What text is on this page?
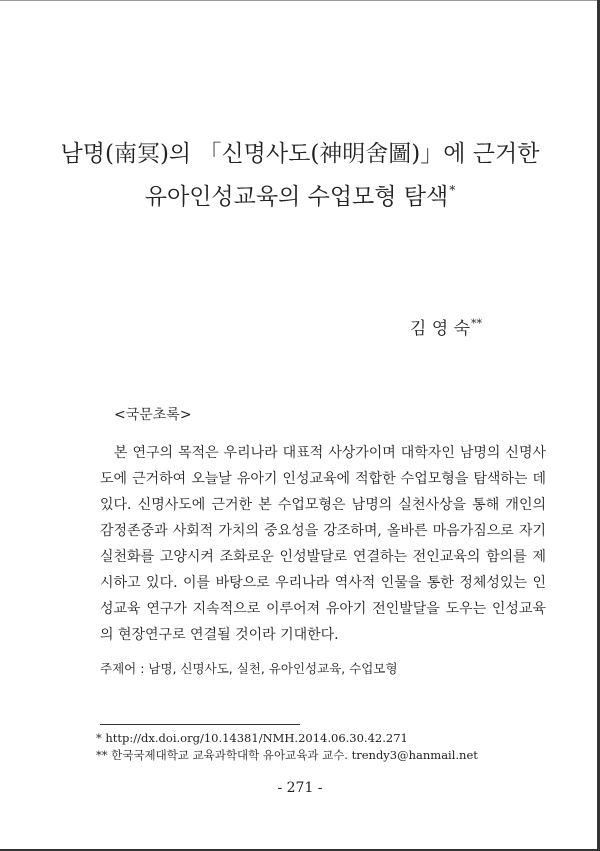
남명(南冥)의 「신명사도(神明舍圖)」에 근거한
유아인성교육의 수업모형 탐색*
김 영 숙**
<국문초록>

본 연구의 목적은 우리나라 대표적 사상가이며 대학자인 남명의 신명사도에 근거하여 오늘날 유아기 인성교육에 적합한 수업모형을 탐색하는 데 있다. 신명사도에 근거한 본 수업모형은 남명의 실천사상을 통해 개인의 감정존중과 사회적 가치의 중요성을 강조하며, 올바른 마음가짐으로 자기실천화를 고양시켜 조화로운 인성발달로 연결하는 전인교육의 함의를 제시하고 있다. 이를 바탕으로 우리나라 역사적 인물을 통한 정체성있는 인성교육 연구가 지속적으로 이루어져 유아기 전인발달을 도우는 인성교육의 현장연구로 연결될 것이라 기대한다.

주제어 : 남명, 신명사도, 실천, 유아인성교육, 수업모형
* http://dx.doi.org/10.14381/NMH.2014.06.30.42.271
** 한국국제대학교 교육과학대학 유아교육과 교수. trendy3@hanmail.net
- 271 -
